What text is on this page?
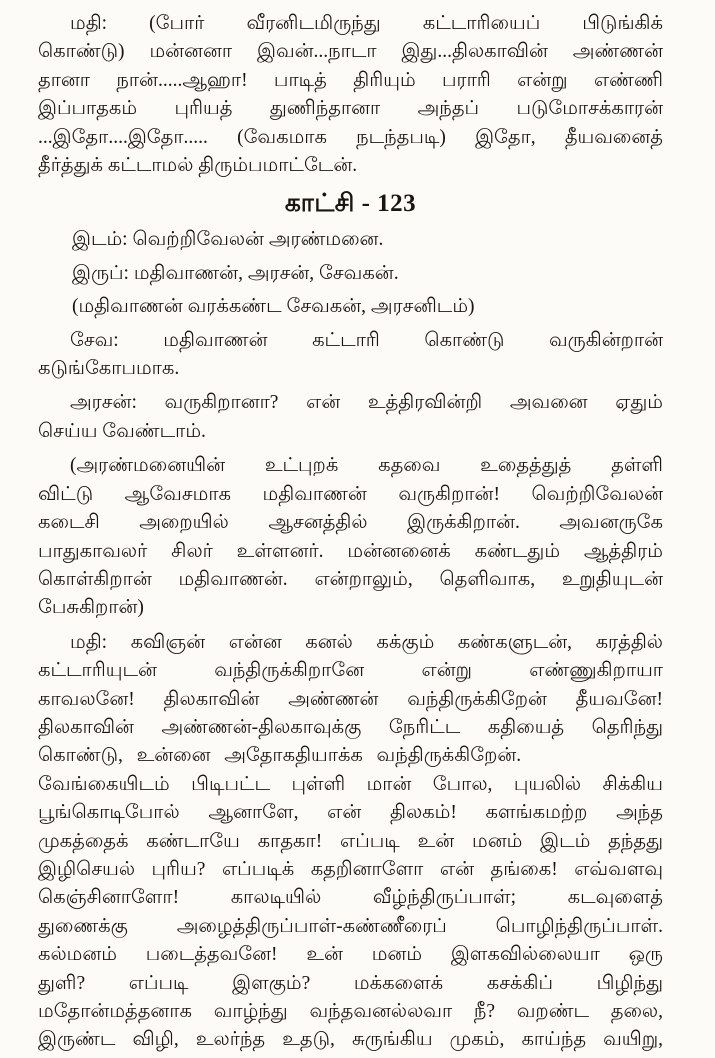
மதி: (போர் வீரனிடமிருந்து கட்டாரியைப் பிடுங்கிக்
கொண்டு) மன்னனா இவன்...நாடா இது...திலகாவின் அண்ணன்
தானா நான்.....ஆஹா! பாடித் திரியும் பராரி என்று எண்ணி
இப்பாதகம் புரியத் துணிந்தானா அந்தப் படுமோசக்காரன்
...இதோ....இதோ..... (வேகமாக நடந்தபடி) இதோ, தீயவனைத்
தீர்த்துக் கட்டாமல் திரும்பமாட்டேன்.
காட்சி - 123
இடம்: வெற்றிவேலன் அரண்மனை.
இருப்: மதிவாணன், அரசன், சேவகன்.
(மதிவாணன் வரக்கண்ட சேவகன், அரசனிடம்)
சேவ: மதிவாணன் கட்டாரி கொண்டு வருகின்றான்
கடுங்கோபமாக.
அரசன்: வருகிறானா? என் உத்திரவின்றி அவனை ஏதும்
செய்ய வேண்டாம்.
(அரண்மனையின் உட்புறக் கதவை உதைத்துத் தள்ளி
விட்டு ஆவேசமாக மதிவாணன் வருகிறான்! வெற்றிவேலன்
கடைசி அறையில் ஆசனத்தில் இருக்கிறான். அவனருகே
பாதுகாவலர் சிலர் உள்ளனர். மன்னனைக் கண்டதும் ஆத்திரம்
கொள்கிறான் மதிவாணன். என்றாலும், தெளிவாக, உறுதியுடன்
பேசுகிறான்)
மதி: கவிஞன் என்ன கனல் கக்கும் கண்களுடன், கரத்தில்
கட்டாரியுடன் வந்திருக்கிறானே என்று எண்ணுகிறாயா
காவலனே! திலகாவின் அண்ணன் வந்திருக்கிறேன் தீயவனே!
திலகாவின் அண்ணன்-திலகாவுக்கு நேரிட்ட கதியைத் தெரிந்து
கொண்டு, உன்னை அதோகதியாக்க வந்திருக்கிறேன்.
வேங்கையிடம் பிடிபட்ட புள்ளி மான் போல, புயலில் சிக்கிய
பூங்கொடிபோல் ஆனாளே, என் திலகம்! களங்கமற்ற அந்த
முகத்தைக் கண்டாயே காதகா! எப்படி உன் மனம் இடம் தந்தது
இழிசெயல் புரிய? எப்படிக் கதறினாளோ என் தங்கை! எவ்வளவு
கெஞ்சினாளோ! காலடியில் வீழ்ந்திருப்பாள்; கடவுளைத்
துணைக்கு அழைத்திருப்பாள்-கண்ணீரைப் பொழிந்திருப்பாள்.
கல்மனம் படைத்தவனே! உன் மனம் இளகவில்லையா ஒரு
துளி? எப்படி இளகும்? மக்களைக் கசக்கிப் பிழிந்து
மதோன்மத்தனாக வாழ்ந்து வந்தவனல்லவா நீ? வறண்ட தலை,
இருண்ட விழி, உலர்ந்த உதடு, சுருங்கிய முகம், காய்ந்த வயிறு,
